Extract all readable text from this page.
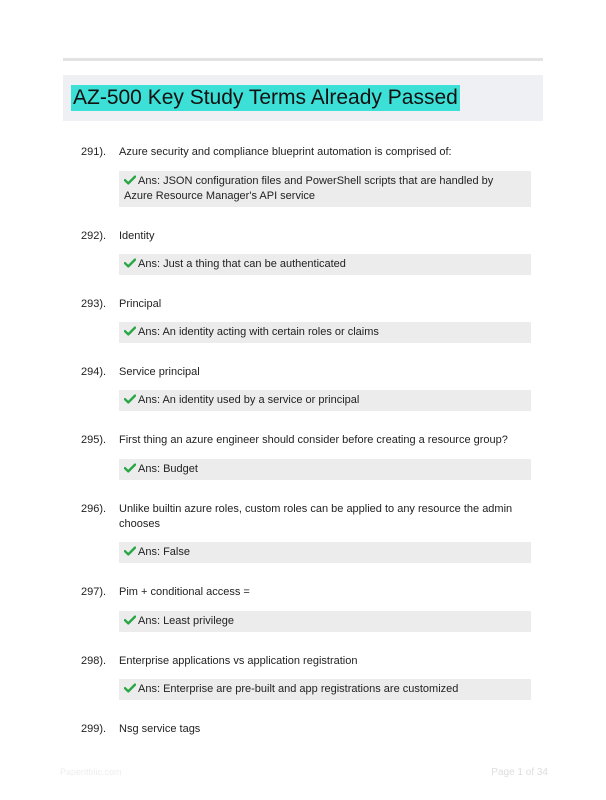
AZ-500 Key Study Terms Already Passed
291). Azure security and compliance blueprint automation is comprised of:
Ans: JSON configuration files and PowerShell scripts that are handled by Azure Resource Manager's API service
292). Identity
Ans: Just a thing that can be authenticated
293). Principal
Ans: An identity acting with certain roles or claims
294). Service principal
Ans: An identity used by a service or principal
295). First thing an azure engineer should consider before creating a resource group?
Ans: Budget
296). Unlike builtin azure roles, custom roles can be applied to any resource the admin chooses
Ans: False
297). Pim + conditional access =
Ans: Least privilege
298). Enterprise applications vs application registration
Ans: Enterprise are pre-built and app registrations are customized
299). Nsg service tags
Paperitblic.com	Page 1 of 34
